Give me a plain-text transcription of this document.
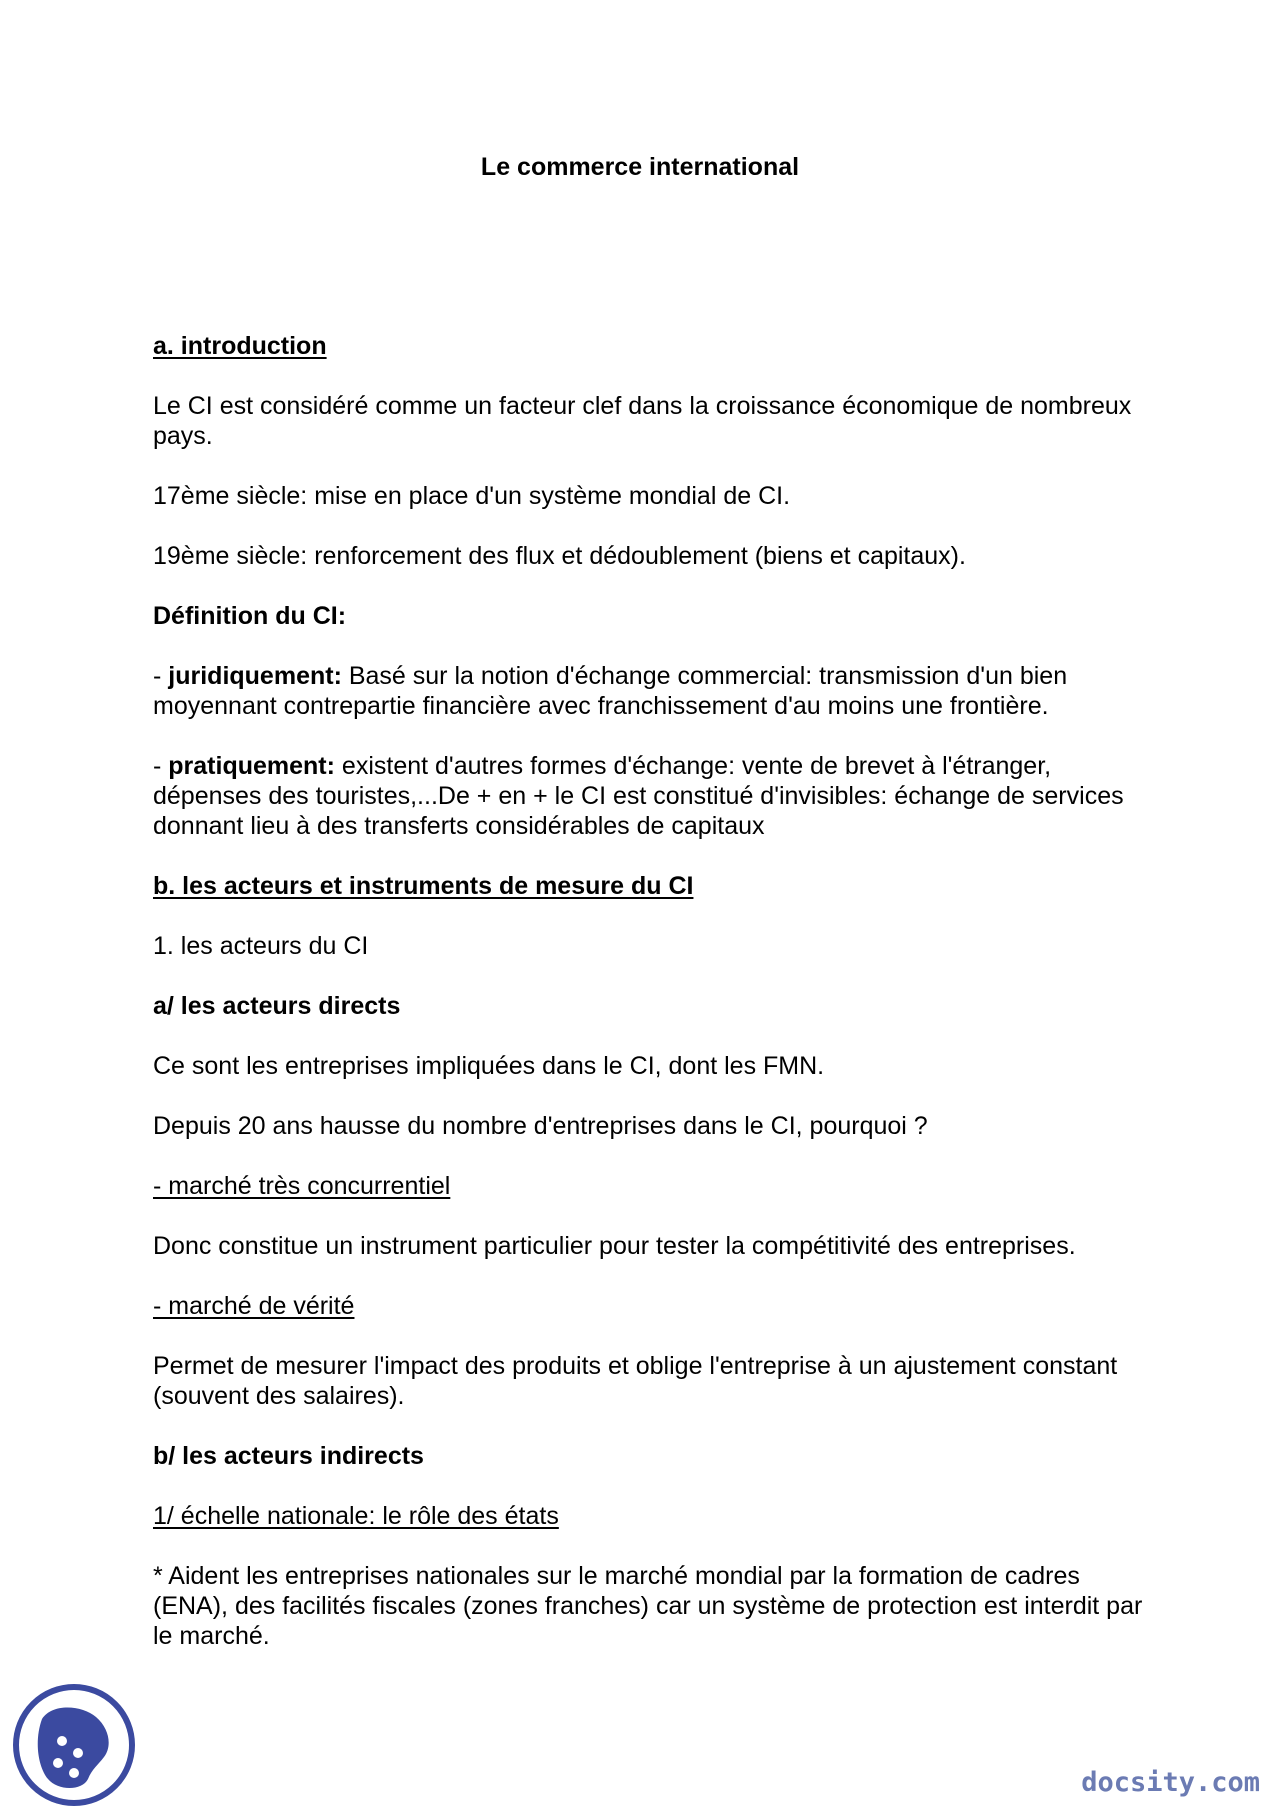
Le commerce international

a. introduction

Le CI est considéré comme un facteur clef dans la croissance économique de nombreux pays.

17ème siècle: mise en place d'un système mondial de CI.

19ème siècle: renforcement des flux et dédoublement (biens et capitaux).

Définition du CI:

- juridiquement: Basé sur la notion d'échange commercial: transmission d'un bien moyennant contrepartie financière avec franchissement d'au moins une frontière.

- pratiquement: existent d'autres formes d'échange: vente de brevet à l'étranger, dépenses des touristes,...De + en + le CI est constitué d'invisibles: échange de services donnant lieu à des transferts considérables de capitaux

b. les acteurs et instruments de mesure du CI

1. les acteurs du CI

a/ les acteurs directs

Ce sont les entreprises impliquées dans le CI, dont les FMN.

Depuis 20 ans hausse du nombre d'entreprises dans le CI, pourquoi ?

- marché très concurrentiel

Donc constitue un instrument particulier pour tester la compétitivité des entreprises.

- marché de vérité

Permet de mesurer l'impact des produits et oblige l'entreprise à un ajustement constant (souvent des salaires).

b/ les acteurs indirects

1/ échelle nationale: le rôle des états

* Aident les entreprises nationales sur le marché mondial par la formation de cadres (ENA), des facilités fiscales (zones franches) car un système de protection est interdit par le marché.

docsity.com
